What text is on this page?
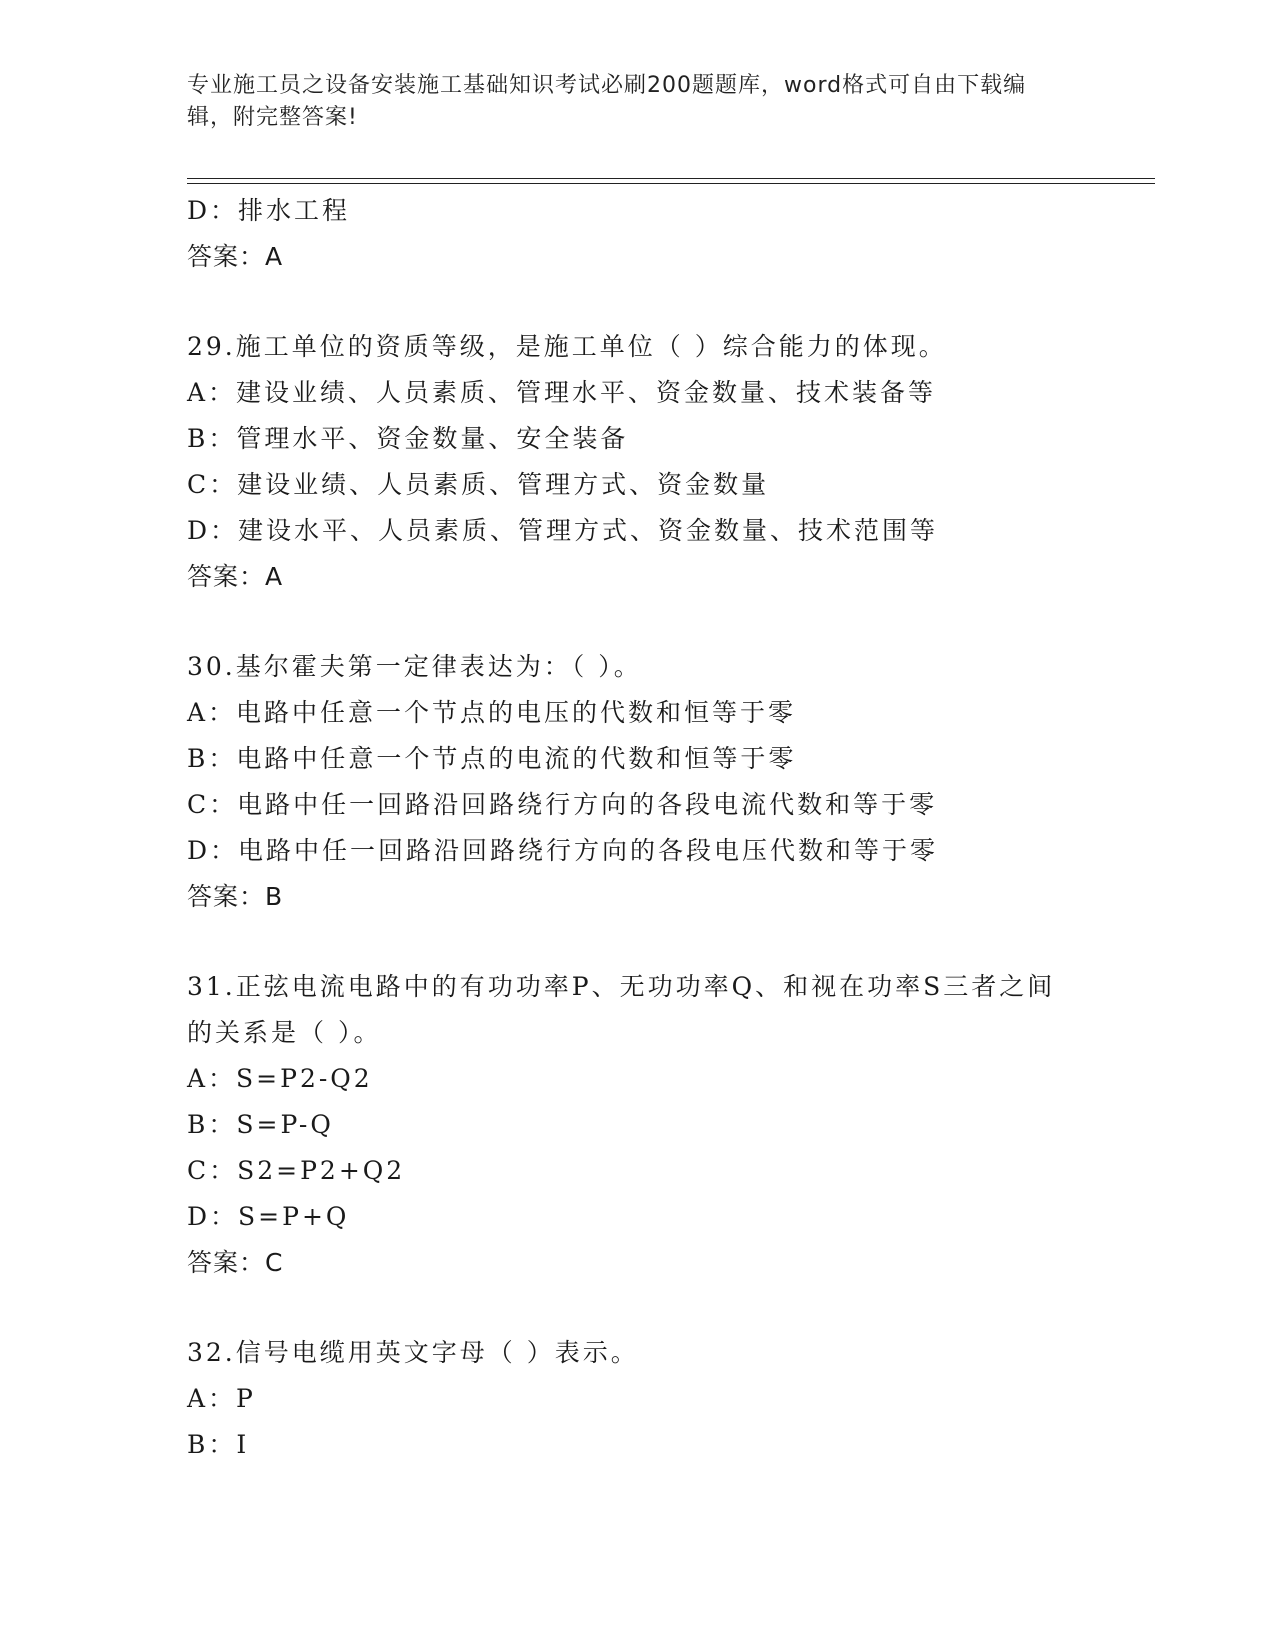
专业施工员之设备安装施工基础知识考试必刷200题题库，word格式可自由下载编辑，附完整答案!
D：排水工程
答案：A
29.施工单位的资质等级，是施工单位（ ）综合能力的体现。
A：建设业绩、人员素质、管理水平、资金数量、技术装备等
B：管理水平、资金数量、安全装备
C：建设业绩、人员素质、管理方式、资金数量
D：建设水平、人员素质、管理方式、资金数量、技术范围等
答案：A
30.基尔霍夫第一定律表达为：（ ）。
A：电路中任意一个节点的电压的代数和恒等于零
B：电路中任意一个节点的电流的代数和恒等于零
C：电路中任一回路沿回路绕行方向的各段电流代数和等于零
D：电路中任一回路沿回路绕行方向的各段电压代数和等于零
答案：B
31.正弦电流电路中的有功功率P、无功功率Q、和视在功率S三者之间的关系是（ ）。
A：S=P2-Q2
B：S=P-Q
C：S2=P2+Q2
D：S=P+Q
答案：C
32.信号电缆用英文字母（ ）表示。
A：P
B：I
